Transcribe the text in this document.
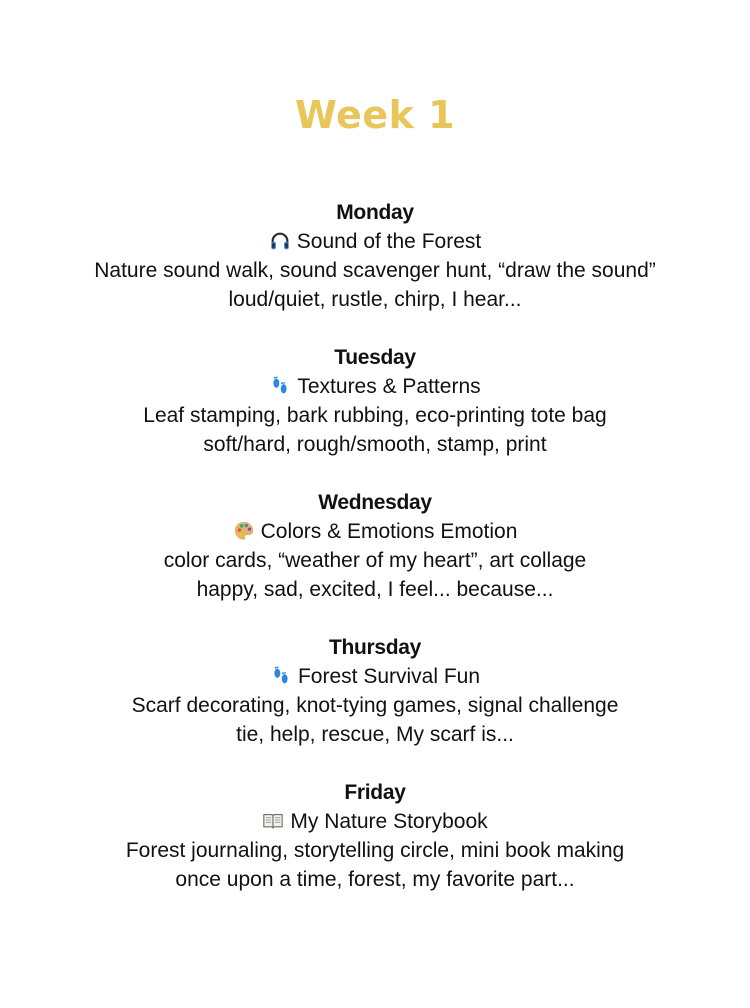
Week 1
Monday
Sound of the Forest
Nature sound walk, sound scavenger hunt, “draw the sound”
loud/quiet, rustle, chirp, I hear...
Tuesday
Textures & Patterns
Leaf stamping, bark rubbing, eco-printing tote bag
soft/hard, rough/smooth, stamp, print
Wednesday
Colors & Emotions Emotion
color cards, “weather of my heart”, art collage
happy, sad, excited, I feel... because...
Thursday
Forest Survival Fun
Scarf decorating, knot-tying games, signal challenge
tie, help, rescue, My scarf is...
Friday
My Nature Storybook
Forest journaling, storytelling circle, mini book making
once upon a time, forest, my favorite part...
